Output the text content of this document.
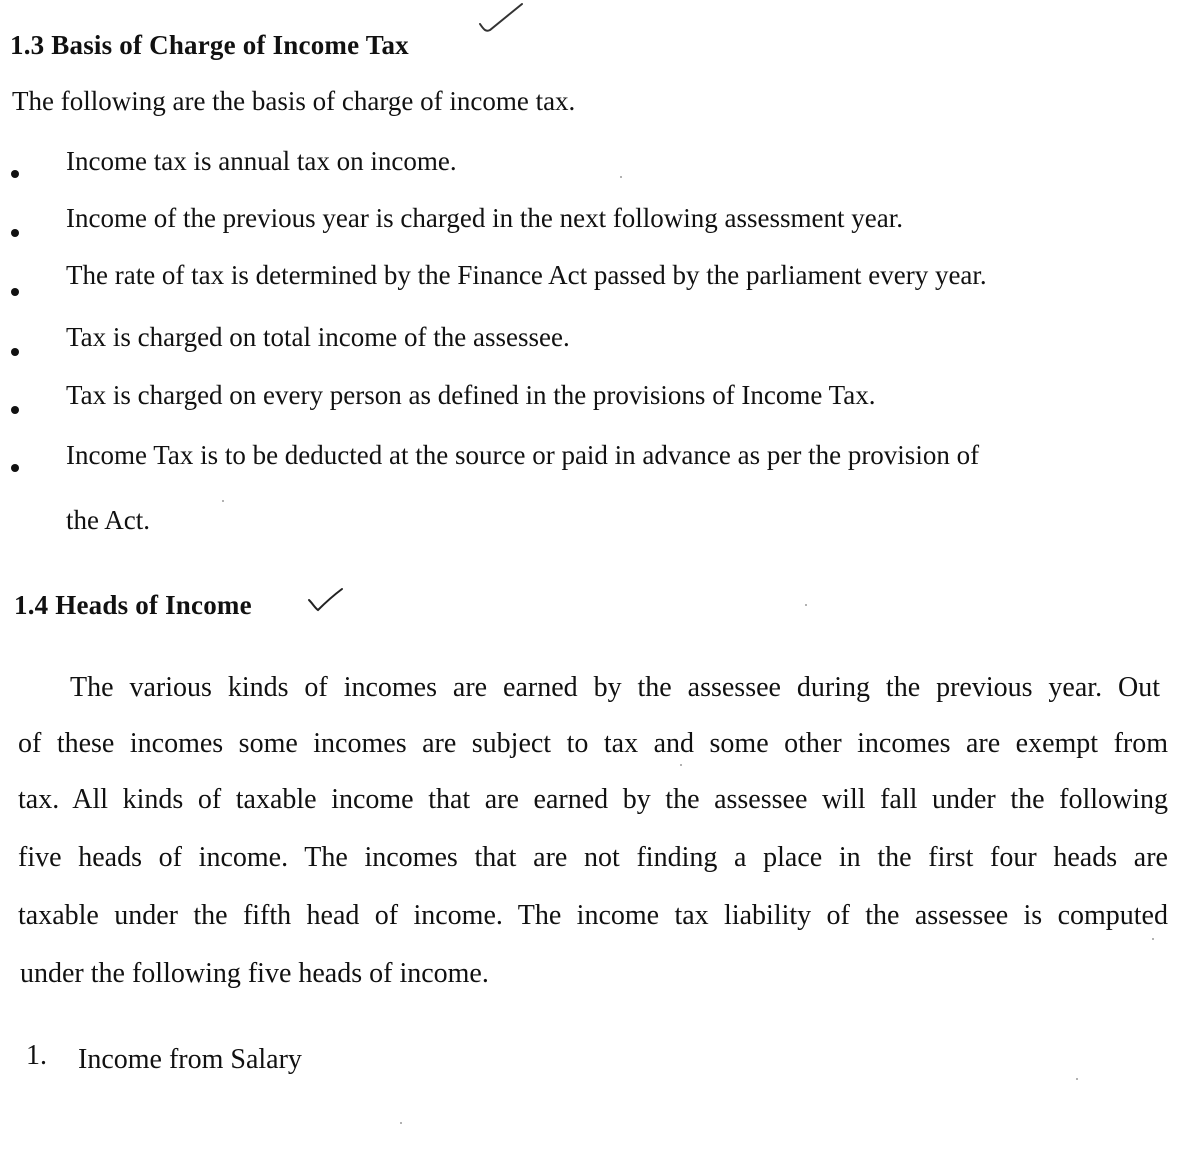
1.3 Basis of Charge of Income Tax
The following are the basis of charge of income tax.
Income tax is annual tax on income.
Income of the previous year is charged in the next following assessment year.
The rate of tax is determined by the Finance Act passed by the parliament every year.
Tax is charged on total income of the assessee.
Tax is charged on every person as defined in the provisions of Income Tax.
Income Tax is to be deducted at the source or paid in advance as per the provision of
the Act.
1.4 Heads of Income
The various kinds of incomes are earned by the assessee during the previous year. Out
of these incomes some incomes are subject to tax and some other incomes are exempt from
tax. All kinds of taxable income that are earned by the assessee will fall under the following
five heads of income. The incomes that are not finding a place in the first four heads are
taxable under the fifth head of income. The income tax liability of the assessee is computed
under the following five heads of income.
1. Income from Salary
